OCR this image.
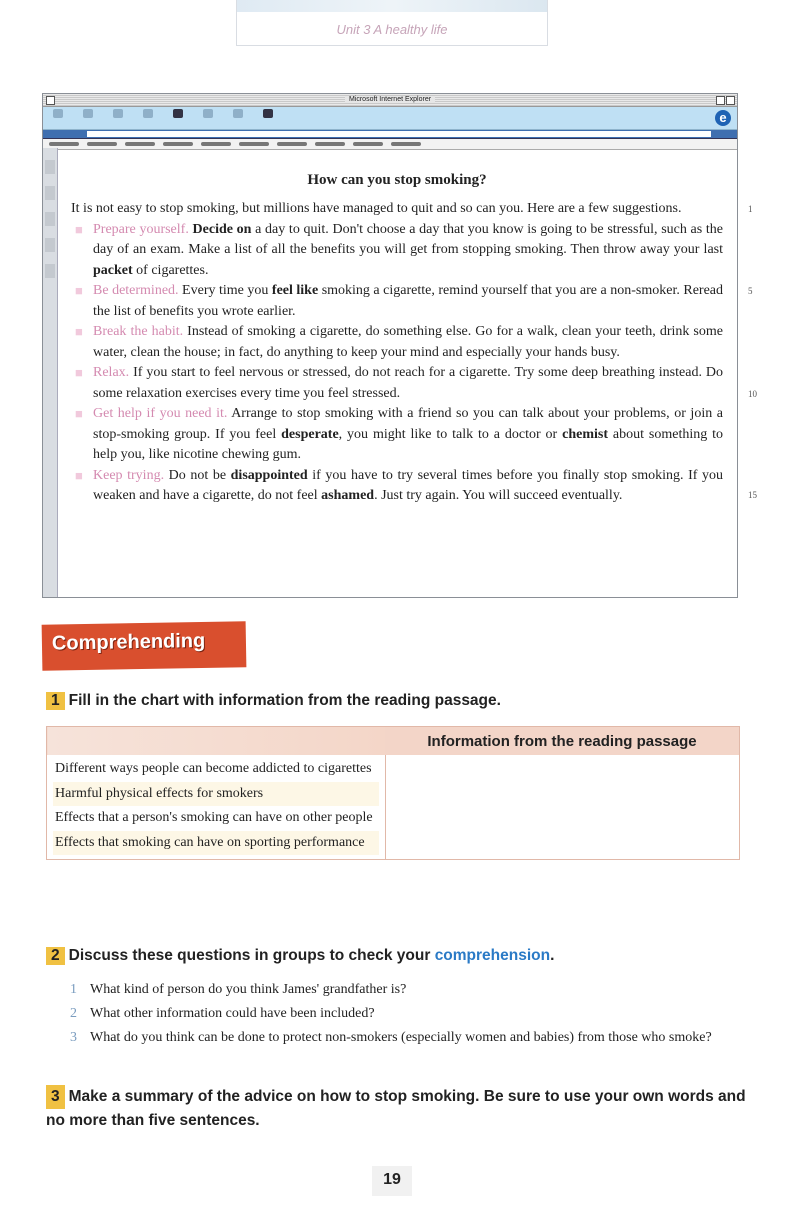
Unit 3 A healthy life
Microsoft Internet Explorer
e
How can you stop smoking?

It is not easy to stop smoking, but millions have managed to quit and so can you. Here are a few suggestions.

■ Prepare yourself. Decide on a day to quit. Don't choose a day that you know is going to be stressful, such as the day of an exam. Make a list of all the benefits you will get from stopping smoking. Then throw away your last packet of cigarettes.
■ Be determined. Every time you feel like smoking a cigarette, remind yourself that you are a non-smoker. Reread the list of benefits you wrote earlier.
■ Break the habit. Instead of smoking a cigarette, do something else. Go for a walk, clean your teeth, drink some water, clean the house; in fact, do anything to keep your mind and especially your hands busy.
■ Relax. If you start to feel nervous or stressed, do not reach for a cigarette. Try some deep breathing instead. Do some relaxation exercises every time you feel stressed.
■ Get help if you need it. Arrange to stop smoking with a friend so you can talk about your problems, or join a stop-smoking group. If you feel desperate, you might like to talk to a doctor or chemist about something to help you, like nicotine chewing gum.
■ Keep trying. Do not be disappointed if you have to try several times before you finally stop smoking. If you weaken and have a cigarette, do not feel ashamed. Just try again. You will succeed eventually.
1
5
10
15
Comprehending
1 Fill in the chart with information from the reading passage.
	Information from the reading passage

Different ways people can become addicted to cigarettes
Harmful physical effects for smokers
Effects that a person's smoking can have on other people
Effects that smoking can have on sporting performance	

2 Discuss these questions in groups to check your comprehension.

1 What kind of person do you think James' grandfather is?

2 What other information could have been included?

3 What do you think can be done to protect non-smokers (especially women and babies) from those who smoke?

3 Make a summary of the advice on how to stop smoking. Be sure to use your own words and no more than five sentences.
19
